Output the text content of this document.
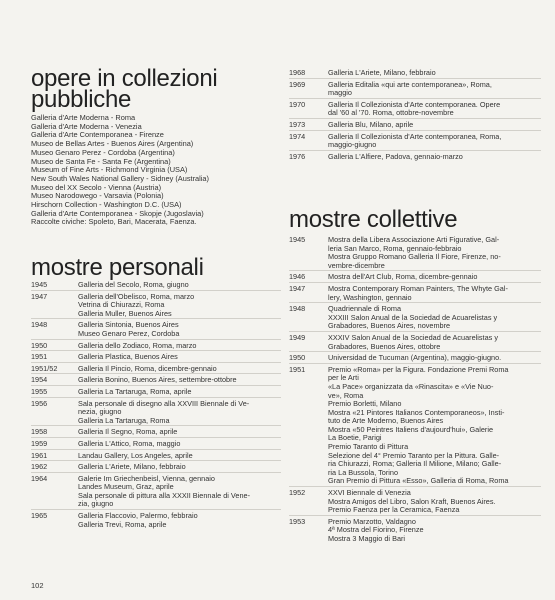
opere in collezioni pubbliche
Galleria d'Arte Moderna - Roma
Galleria d'Arte Moderna - Venezia
Galleria d'Arte Contemporanea - Firenze
Museo de Bellas Artes - Buenos Aires (Argentina)
Museo Genaro Perez - Cordoba (Argentina)
Museo de Santa Fe - Santa Fe (Argentina)
Museum of Fine Arts - Richmond Virginia (USA)
New South Wales National Gallery - Sidney (Australia)
Museo del XX Secolo - Vienna (Austria)
Museo Narodowego - Varsavia (Polonia)
Hirschorn Collection - Washington D.C. (USA)
Galleria d'Arte Contemporanea - Skopje (Jugoslavia)
Raccolte civiche: Spoleto, Bari, Macerata, Faenza.
mostre personali
1945	Galleria del Secolo, Roma, giugno
1947	Galleria dell'Obelisco, Roma, marzo
Vetrina di Chiurazzi, Roma
Galleria Muller, Buenos Aires
1948	Galleria Sintonia, Buenos Aires
Museo Genaro Perez, Cordoba
1950	Galleria dello Zodiaco, Roma, marzo
1951	Galleria Plastica, Buenos Aires
1951/52	Galleria Il Pincio, Roma, dicembre-gennaio
1954	Galleria Bonino, Buenos Aires, settembre-ottobre
1955	Galleria La Tartaruga, Roma, aprile
1956	Sala personale di disegno alla XXVIII Biennale di Ve-
nezia, giugno
Galleria La Tartaruga, Roma
1958	Galleria Il Segno, Roma, aprile
1959	Galleria L'Attico, Roma, maggio
1961	Landau Gallery, Los Angeles, aprile
1962	Galleria L'Ariete, Milano, febbraio
1964	Galerie Im Griechenbeisl, Vienna, gennaio
Landes Museum, Graz, aprile
Sala personale di pittura alla XXXII Biennale di Vene-
zia, giugno
1965	Galleria Flaccovio, Palermo, febbraio
Galleria Trevi, Roma, aprile
1968	Galleria L'Ariete, Milano, febbraio
1969	Galleria Editalia «qui arte contemporanea», Roma,
maggio
1970	Galleria Il Collezionista d'Arte contemporanea. Opere
dal '60 al '70. Roma, ottobre-novembre
1973	Galleria Blu, Milano, aprile
1974	Galleria Il Collezionista d'Arte contemporanea, Roma,
maggio-giugno
1976	Galleria L'Alfiere, Padova, gennaio-marzo
mostre collettive
1945	Mostra della Libera Associazione Arti Figurative, Gal-
leria San Marco, Roma, gennaio-febbraio
Mostra Gruppo Romano Galleria Il Fiore, Firenze, no-
vembre-dicembre
1946	Mostra dell'Art Club, Roma, dicembre-gennaio
1947	Mostra Contemporary Roman Painters, The Whyte Gal-
lery, Washington, gennaio
1948	Quadriennale di Roma
XXXIII Salon Anual de la Sociedad de Acuarelistas y
Grabadores, Buenos Aires, novembre
1949	XXXIV Salon Anual de la Sociedad de Acuarelistas y
Grabadores, Buenos Aires, ottobre
1950	Universidad de Tucuman (Argentina), maggio-giugno.
1951	Premio «Roma» per la Figura. Fondazione Premi Roma
per le Arti
«La Pace» organizzata da «Rinascita» e «Vie Nuo-
ve», Roma
Premio Borletti, Milano
Mostra «21 Pintores Italianos Contemporaneos», Insti-
tuto de Arte Moderno, Buenos Aires
Mostra «50 Peintres Italiens d'aujourd'hui», Galerie
La Boetie, Parigi
Premio Taranto di Pittura
Selezione del 4° Premio Taranto per la Pittura. Galle-
ria Chiurazzi, Roma; Galleria Il Milione, Milano; Galle-
ria La Bussola, Torino
Gran Premio di Pittura «Esso», Galleria di Roma, Roma
1952	XXVI Biennale di Venezia
Mostra Amigos del Libro, Salon Kraft, Buenos Aires.
Premio Faenza per la Ceramica, Faenza
1953	Premio Marzotto, Valdagno
4ª Mostra del Fiorino, Firenze
Mostra 3 Maggio di Bari
102
